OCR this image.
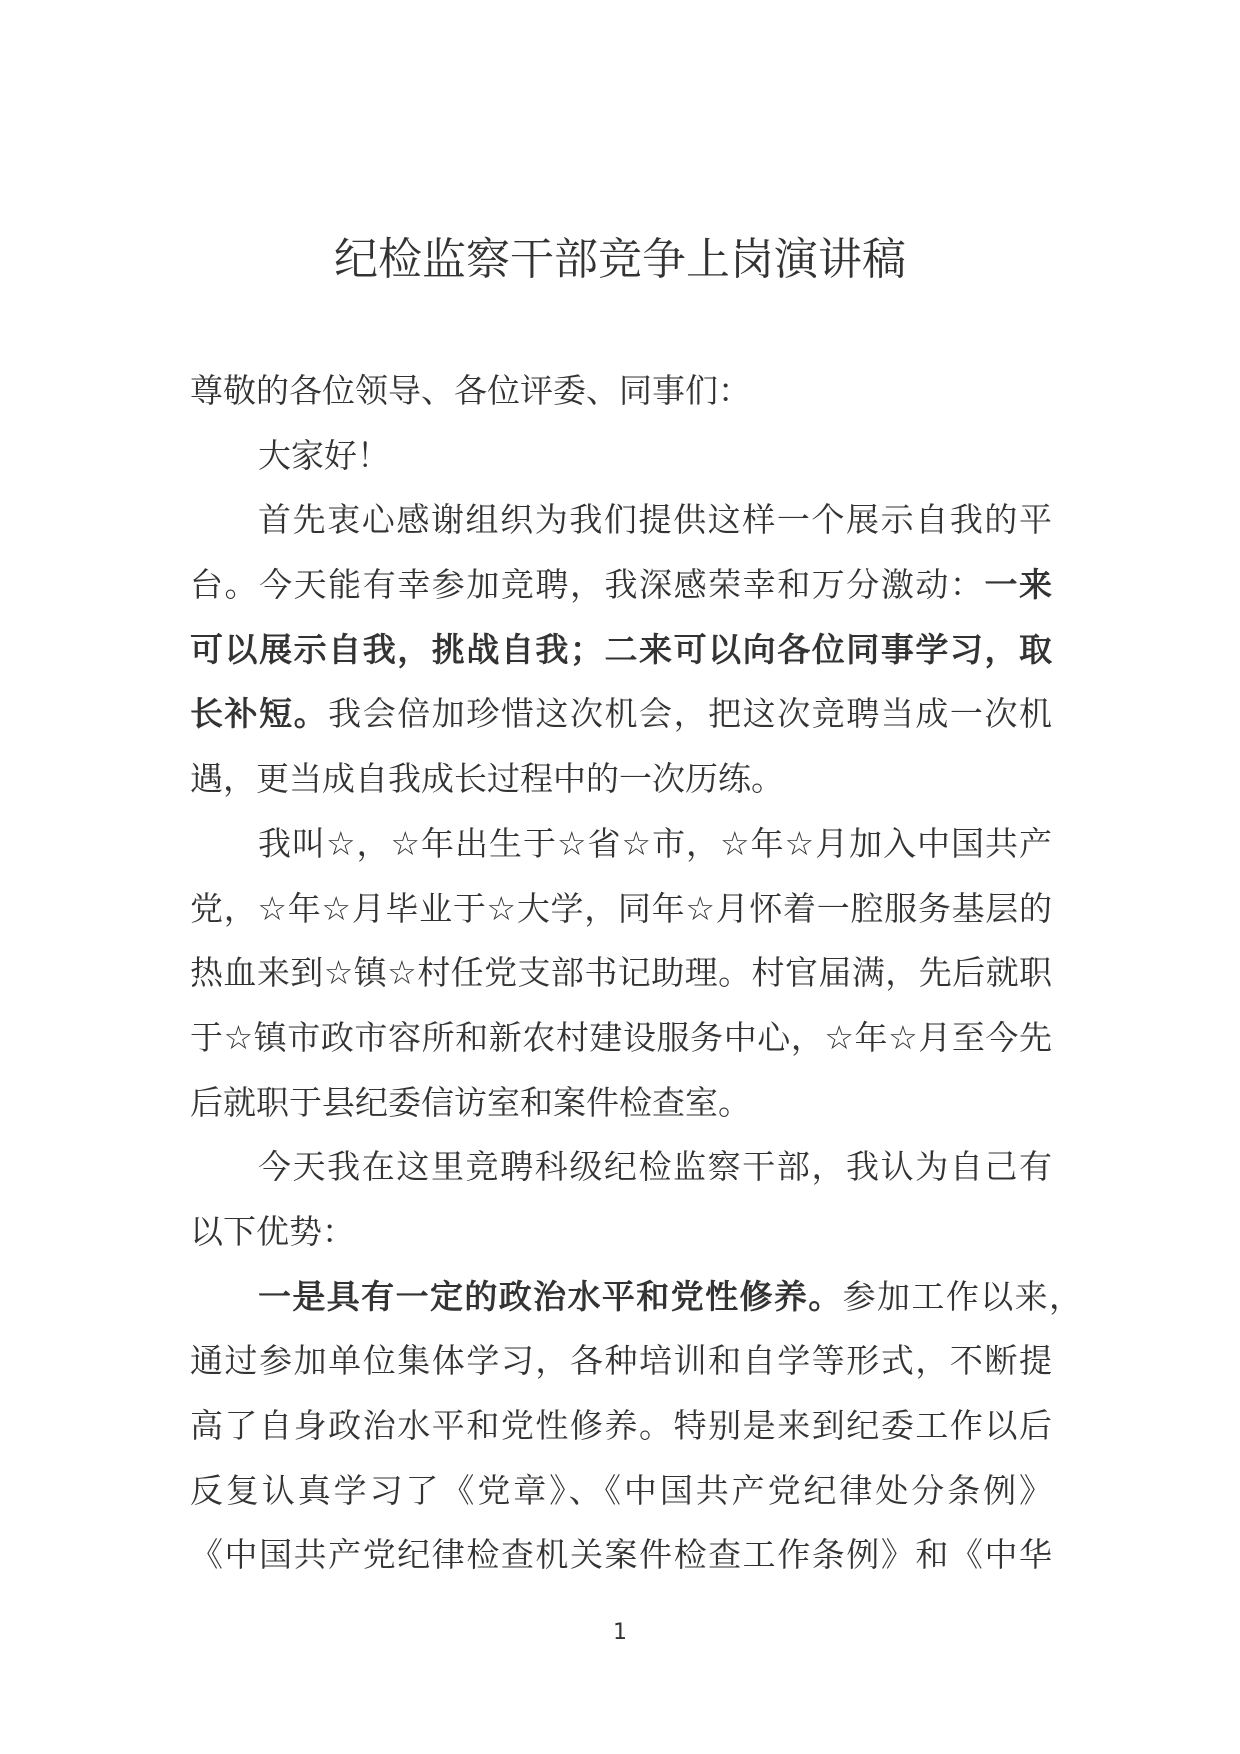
纪检监察干部竞争上岗演讲稿
尊敬的各位领导、各位评委、同事们：
大家好！
首先衷心感谢组织为我们提供这样一个展示自我的平
台。今天能有幸参加竞聘，我深感荣幸和万分激动：一来
可以展示自我，挑战自我；二来可以向各位同事学习，取
长补短。我会倍加珍惜这次机会，把这次竞聘当成一次机
遇，更当成自我成长过程中的一次历练。
我叫☆，☆年出生于☆省☆市，☆年☆月加入中国共产
党，☆年☆月毕业于☆大学，同年☆月怀着一腔服务基层的
热血来到☆镇☆村任党支部书记助理。村官届满，先后就职
于☆镇市政市容所和新农村建设服务中心，☆年☆月至今先
后就职于县纪委信访室和案件检查室。
今天我在这里竞聘科级纪检监察干部，我认为自己有
以下优势：
一是具有一定的政治水平和党性修养。参加工作以来，
通过参加单位集体学习，各种培训和自学等形式，不断提
高了自身政治水平和党性修养。特别是来到纪委工作以后
反复认真学习了《党章》、《中国共产党纪律处分条例》
《中国共产党纪律检查机关案件检查工作条例》和《中华
1
